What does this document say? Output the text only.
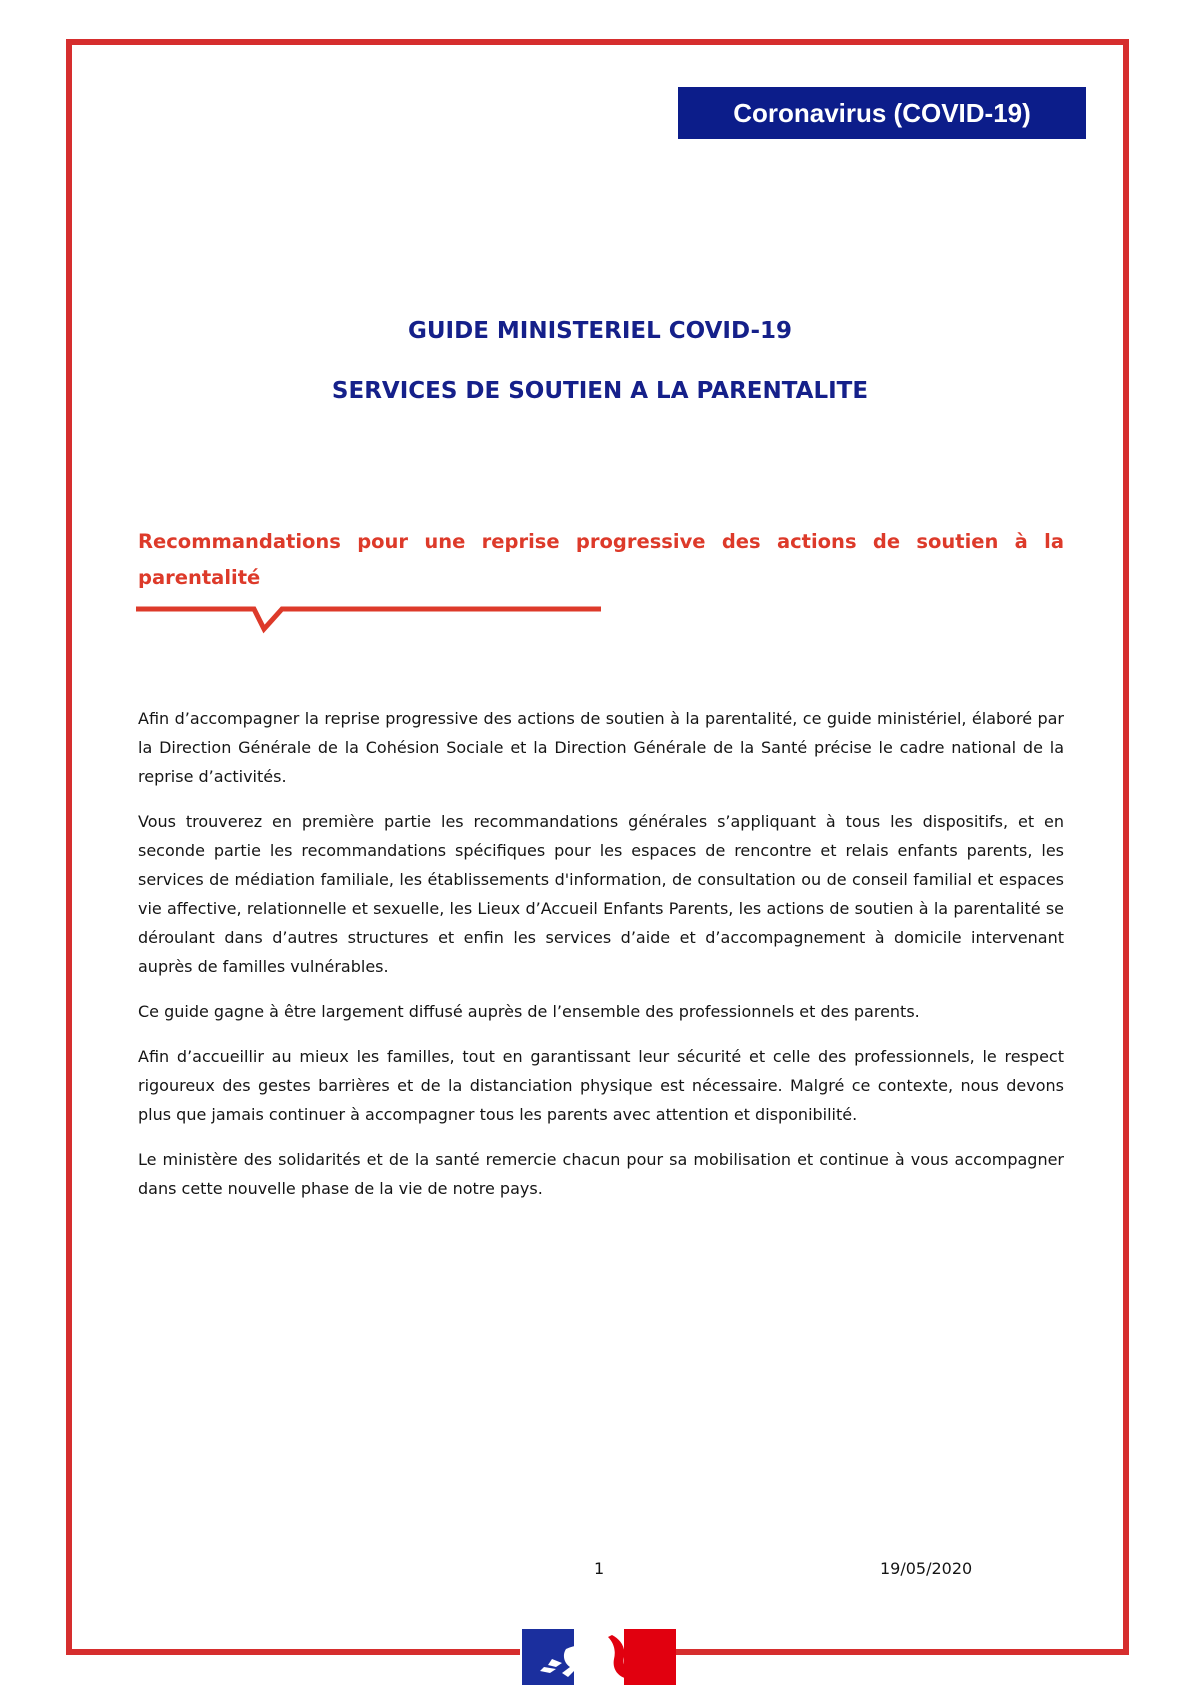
Coronavirus (COVID-19)
GUIDE MINISTERIEL COVID-19
SERVICES DE SOUTIEN A LA PARENTALITE
Recommandations pour une reprise progressive des actions de soutien à la parentalité

Afin d’accompagner la reprise progressive des actions de soutien à la parentalité, ce guide ministériel, élaboré par la Direction Générale de la Cohésion Sociale et la Direction Générale de la Santé précise le cadre national de la reprise d’activités.

Vous trouverez en première partie les recommandations générales s’appliquant à tous les dispositifs, et en seconde partie les recommandations spécifiques pour les espaces de rencontre et relais enfants parents, les services de médiation familiale, les établissements d'information, de consultation ou de conseil familial et espaces vie affective, relationnelle et sexuelle, les Lieux d’Accueil Enfants Parents, les actions de soutien à la parentalité se déroulant dans d’autres structures et enfin les services d’aide et d’accompagnement à domicile intervenant auprès de familles vulnérables.

Ce guide gagne à être largement diffusé auprès de l’ensemble des professionnels et des parents.

Afin d’accueillir au mieux les familles, tout en garantissant leur sécurité et celle des professionnels, le respect rigoureux des gestes barrières et de la distanciation physique est nécessaire. Malgré ce contexte, nous devons plus que jamais continuer à accompagner tous les parents avec attention et disponibilité.

Le ministère des solidarités et de la santé remercie chacun pour sa mobilisation et continue à vous accompagner dans cette nouvelle phase de la vie de notre pays.

1	19/05/2020
